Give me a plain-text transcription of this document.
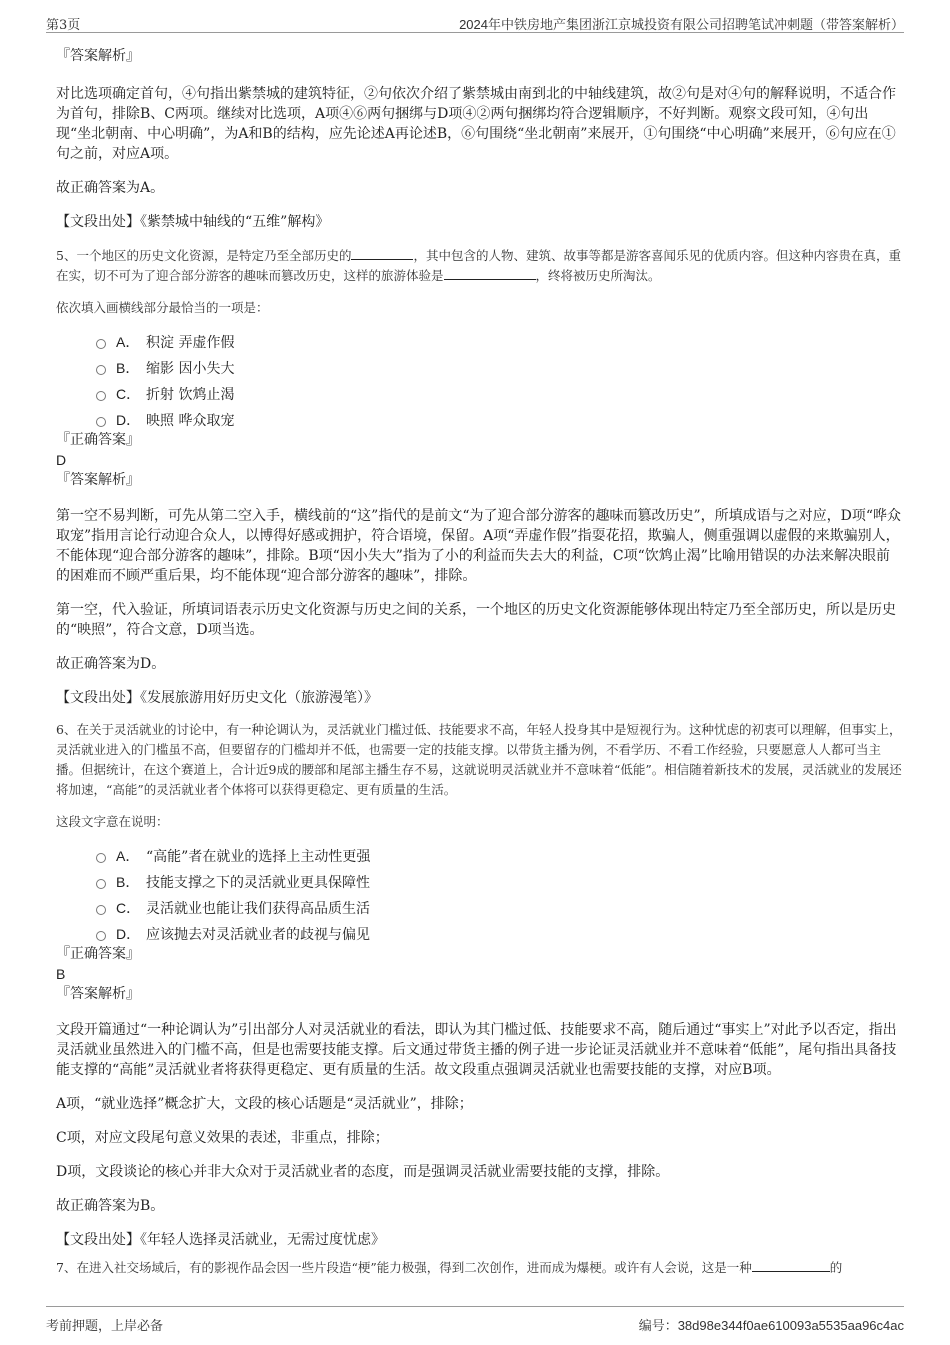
第3页	2024年中铁房地产集团浙江京城投资有限公司招聘笔试冲刺题（带答案解析）

『答案解析』

对比选项确定首句，④句指出紫禁城的建筑特征，②句依次介绍了紫禁城由南到北的中轴线建筑，故②句是对④句的解释说明，不适合作为首句，排除B、C两项。继续对比选项，A项④⑥两句捆绑与D项④②两句捆绑均符合逻辑顺序，不好判断。观察文段可知，④句出现“坐北朝南、中心明确”，为A和B的结构，应先论述A再论述B，⑥句围绕“坐北朝南”来展开，①句围绕“中心明确”来展开，⑥句应在①句之前，对应A项。

故正确答案为A。

【文段出处】《紫禁城中轴线的“五维”解构》

5、一个地区的历史文化资源，是特定乃至全部历史的	，其中包含的人物、建筑、故事等都是游客喜闻乐见的优质内容。但这种内容贵在真，重在实，切不可为了迎合部分游客的趣味而篡改历史，这样的旅游体验是	，终将被历史所淘汰。

依次填入画横线部分最恰当的一项是：

A． 积淀 弄虚作假
B． 缩影 因小失大
C． 折射 饮鸩止渴
D． 映照 哗众取宠

『正确答案』

D

『答案解析』

第一空不易判断，可先从第二空入手，横线前的“这”指代的是前文“为了迎合部分游客的趣味而篡改历史”，所填成语与之对应，D项“哗众取宠”指用言论行动迎合众人，以博得好感或拥护，符合语境，保留。A项“弄虚作假”指耍花招，欺骗人，侧重强调以虚假的来欺骗别人，不能体现“迎合部分游客的趣味”，排除。B项“因小失大”指为了小的利益而失去大的利益，C项“饮鸩止渴”比喻用错误的办法来解决眼前的困难而不顾严重后果，均不能体现“迎合部分游客的趣味”，排除。

第一空，代入验证，所填词语表示历史文化资源与历史之间的关系，一个地区的历史文化资源能够体现出特定乃至全部历史，所以是历史的“映照”，符合文意，D项当选。

故正确答案为D。

【文段出处】《发展旅游用好历史文化（旅游漫笔）》

6、在关于灵活就业的讨论中，有一种论调认为，灵活就业门槛过低、技能要求不高，年轻人投身其中是短视行为。这种忧虑的初衷可以理解，但事实上，灵活就业进入的门槛虽不高，但要留存的门槛却并不低，也需要一定的技能支撑。以带货主播为例，不看学历、不看工作经验，只要愿意人人都可当主播。但据统计，在这个赛道上，合计近9成的腰部和尾部主播生存不易，这就说明灵活就业并不意味着“低能”。相信随着新技术的发展，灵活就业的发展还将加速，“高能”的灵活就业者个体将可以获得更稳定、更有质量的生活。

这段文字意在说明：

A． “高能”者在就业的选择上主动性更强
B． 技能支撑之下的灵活就业更具保障性
C． 灵活就业也能让我们获得高品质生活
D． 应该抛去对灵活就业者的歧视与偏见

『正确答案』

B

『答案解析』

文段开篇通过“一种论调认为”引出部分人对灵活就业的看法，即认为其门槛过低、技能要求不高，随后通过“事实上”对此予以否定，指出灵活就业虽然进入的门槛不高，但是也需要技能支撑。后文通过带货主播的例子进一步论证灵活就业并不意味着“低能”，尾句指出具备技能支撑的“高能”灵活就业者将获得更稳定、更有质量的生活。故文段重点强调灵活就业也需要技能的支撑，对应B项。

A项，“就业选择”概念扩大，文段的核心话题是“灵活就业”，排除；

C项，对应文段尾句意义效果的表述，非重点，排除；

D项，文段谈论的核心并非大众对于灵活就业者的态度，而是强调灵活就业需要技能的支撑，排除。

故正确答案为B。

【文段出处】《年轻人选择灵活就业，无需过度忧虑》

7、在进入社交场域后，有的影视作品会因一些片段造“梗”能力极强，得到二次创作，进而成为爆梗。或许有人会说，这是一种	的

考前押题，上岸必备	编号：38d98e344f0ae610093a5535aa96c4ac
